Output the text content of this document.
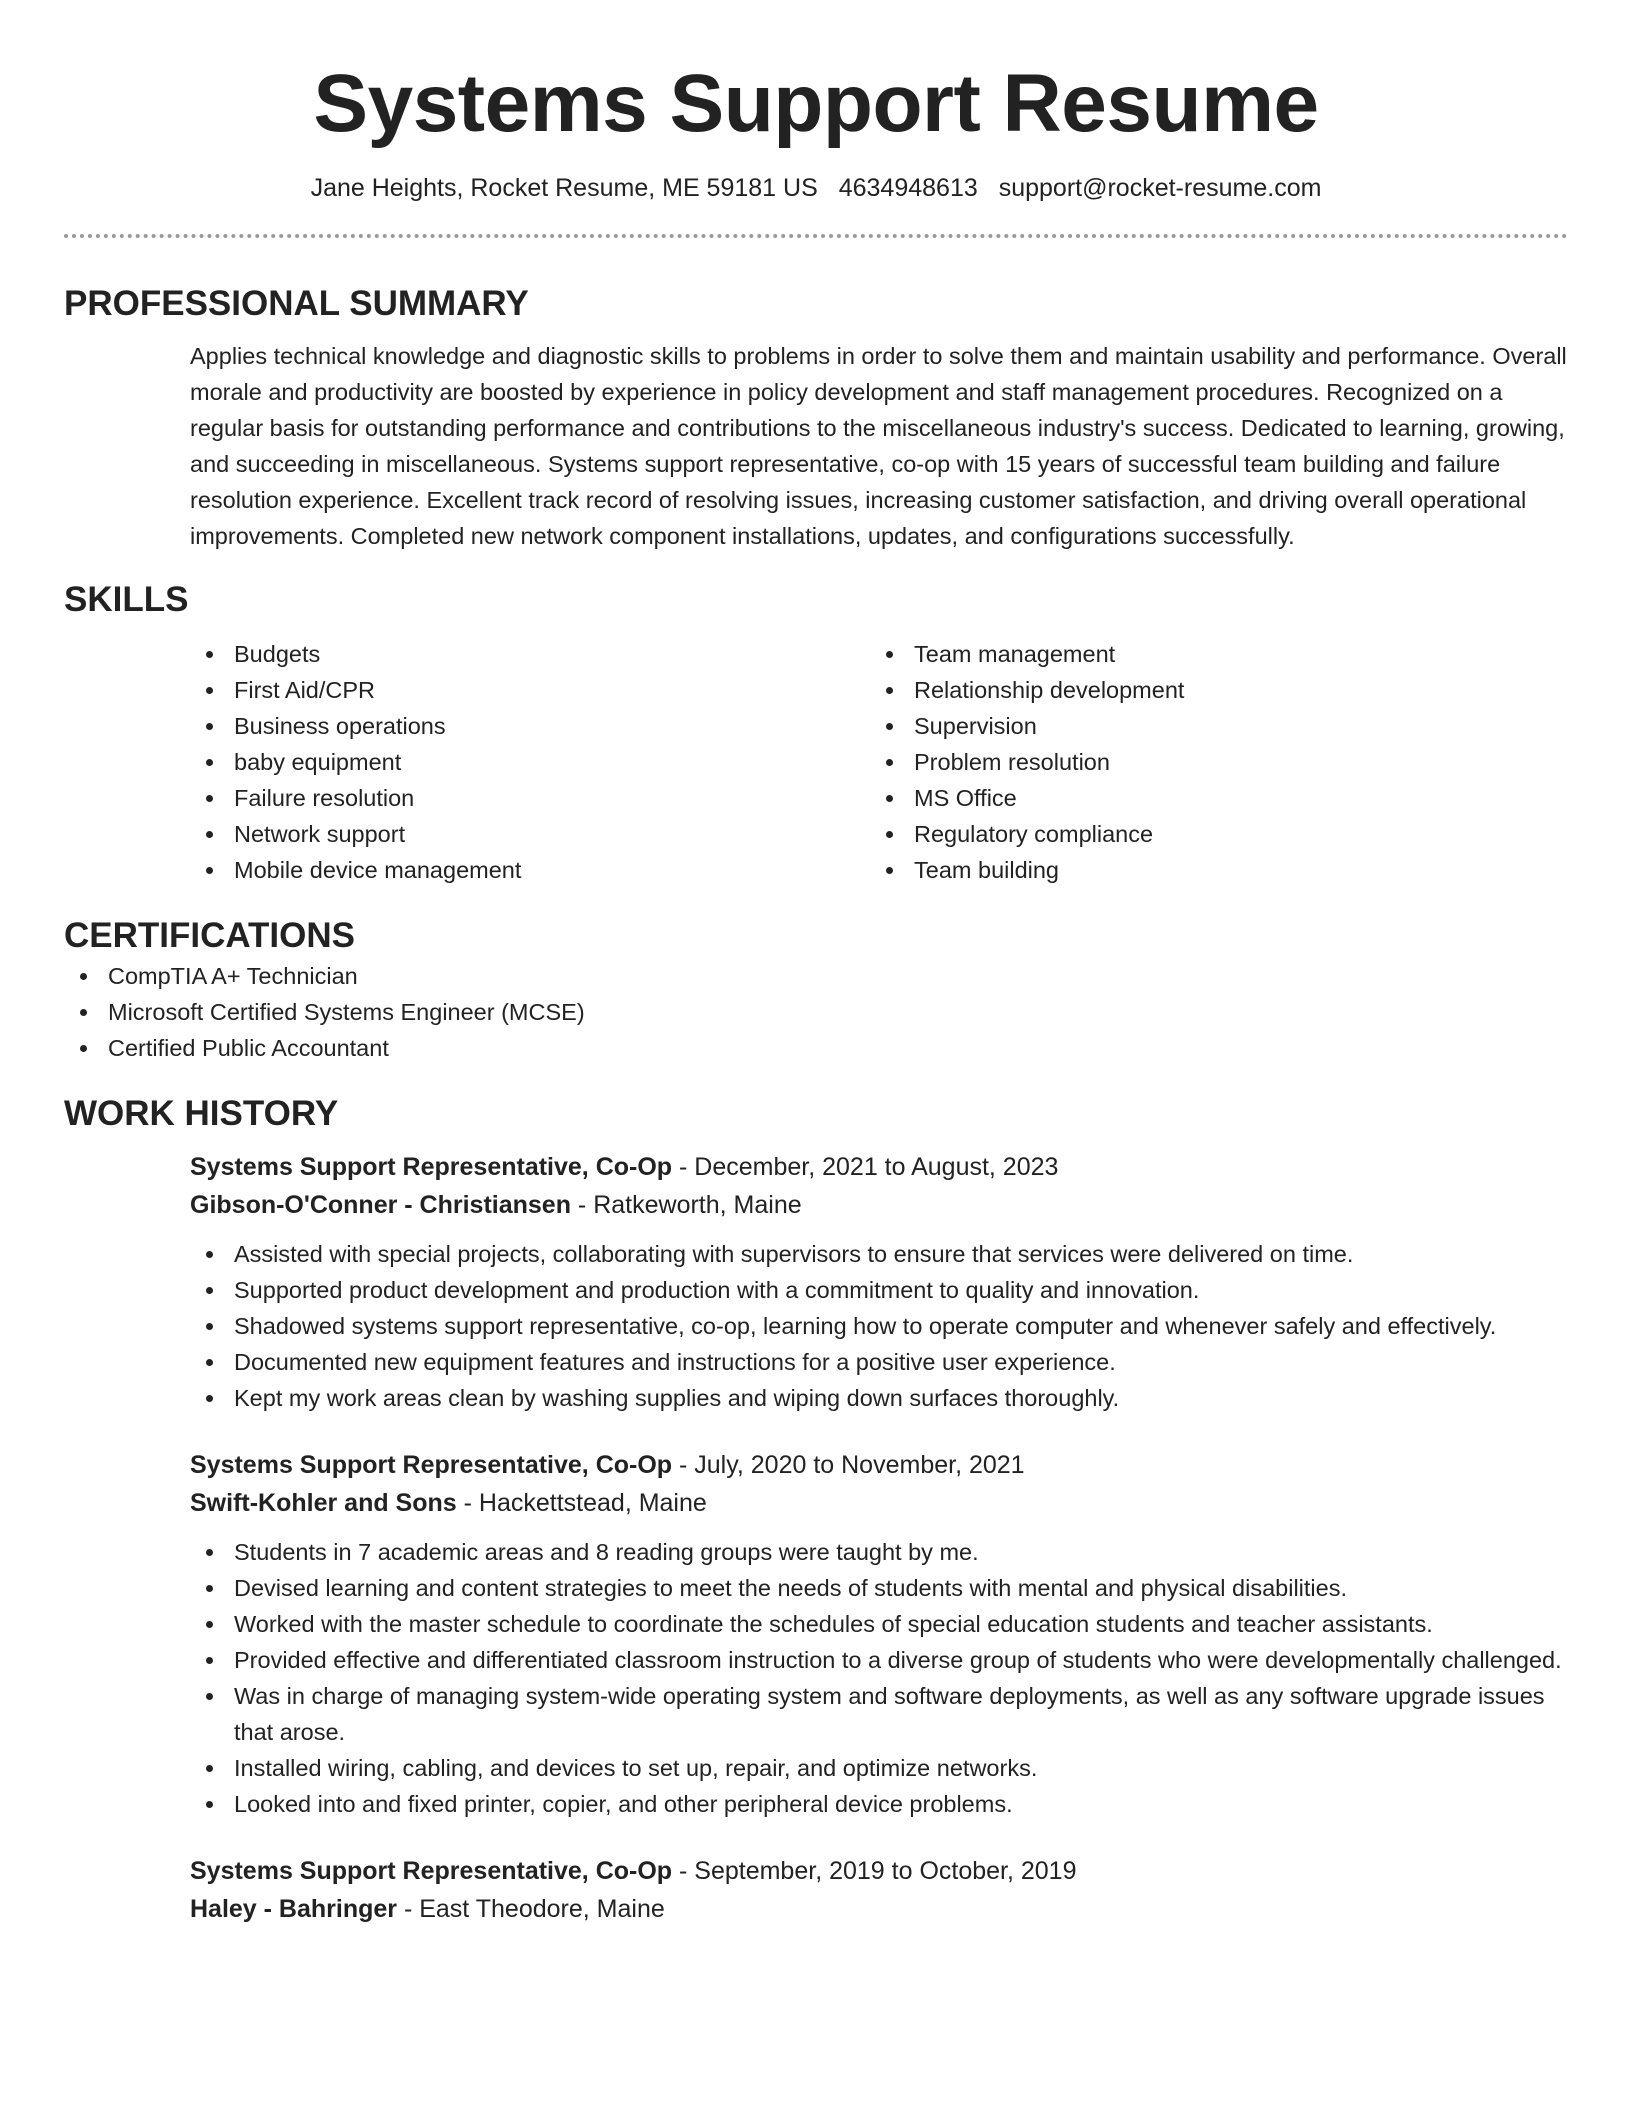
Systems Support Resume
Jane Heights, Rocket Resume, ME 59181 US 4634948613 support@rocket-resume.com
PROFESSIONAL SUMMARY

Applies technical knowledge and diagnostic skills to problems in order to solve them and maintain usability and performance. Overall morale and productivity are boosted by experience in policy development and staff management procedures. Recognized on a regular basis for outstanding performance and contributions to the miscellaneous industry's success. Dedicated to learning, growing, and succeeding in miscellaneous. Systems support representative, co-op with 15 years of successful team building and failure resolution experience. Excellent track record of resolving issues, increasing customer satisfaction, and driving overall operational improvements. Completed new network component installations, updates, and configurations successfully.

SKILLS
Budgets
First Aid/CPR
Business operations
baby equipment
Failure resolution
Network support
Mobile device management
Team management
Relationship development
Supervision
Problem resolution
MS Office
Regulatory compliance
Team building
CERTIFICATIONS
CompTIA A+ Technician
Microsoft Certified Systems Engineer (MCSE)
Certified Public Accountant
WORK HISTORY
Systems Support Representative, Co-Op - December, 2021 to August, 2023
Gibson-O'Conner - Christiansen - Ratkeworth, Maine
Assisted with special projects, collaborating with supervisors to ensure that services were delivered on time.
Supported product development and production with a commitment to quality and innovation.
Shadowed systems support representative, co-op, learning how to operate computer and whenever safely and effectively.
Documented new equipment features and instructions for a positive user experience.
Kept my work areas clean by washing supplies and wiping down surfaces thoroughly.
Systems Support Representative, Co-Op - July, 2020 to November, 2021
Swift-Kohler and Sons - Hackettstead, Maine
Students in 7 academic areas and 8 reading groups were taught by me.
Devised learning and content strategies to meet the needs of students with mental and physical disabilities.
Worked with the master schedule to coordinate the schedules of special education students and teacher assistants.
Provided effective and differentiated classroom instruction to a diverse group of students who were developmentally challenged.
Was in charge of managing system-wide operating system and software deployments, as well as any software upgrade issues that arose.
Installed wiring, cabling, and devices to set up, repair, and optimize networks.
Looked into and fixed printer, copier, and other peripheral device problems.
Systems Support Representative, Co-Op - September, 2019 to October, 2019
Haley - Bahringer - East Theodore, Maine
